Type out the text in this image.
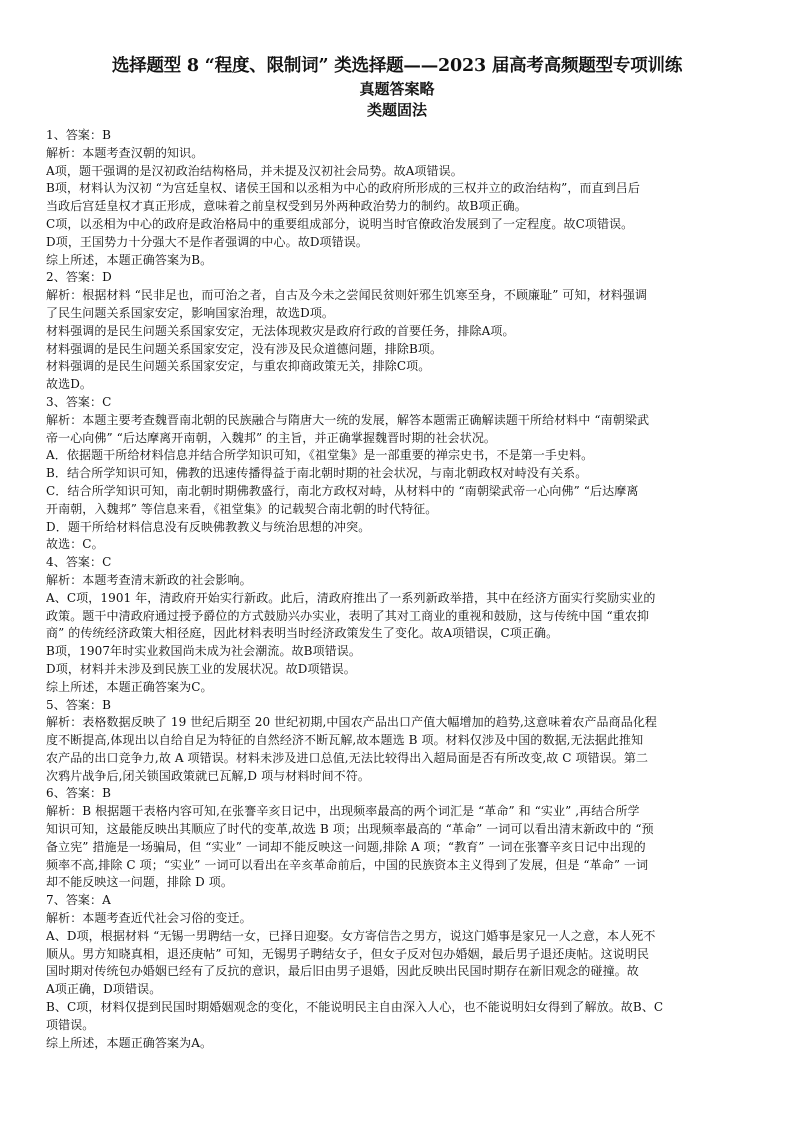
选择题型 8 “程度、限制词” 类选择题——2023 届高考高频题型专项训练
真题答案略
类题固法

1、答案：B

解析：本题考查汉朝的知识。

A项，题干强调的是汉初政治结构格局，并未提及汉初社会局势。故A项错误。

B项，材料认为汉初 “为宫廷皇权、诸侯王国和以丞相为中心的政府所形成的三权并立的政治结构”，而直到吕后

当政后宫廷皇权才真正形成，意味着之前皇权受到另外两种政治势力的制约。故B项正确。

C项，以丞相为中心的政府是政治格局中的重要组成部分，说明当时官僚政治发展到了一定程度。故C项错误。

D项，王国势力十分强大不是作者强调的中心。故D项错误。

综上所述，本题正确答案为B。

2、答案：D

解析：根据材料 “民非足也，而可治之者，自古及今未之尝闻民贫则奸邪生饥寒至身，不顾廉耻” 可知，材料强调

了民生问题关系国家安定，影响国家治理，故选D项。

材料强调的是民生问题关系国家安定，无法体现救灾是政府行政的首要任务，排除A项。

材料强调的是民生问题关系国家安定，没有涉及民众道德问题，排除B项。

材料强调的是民生问题关系国家安定，与重农抑商政策无关，排除C项。

故选D。

3、答案：C

解析：本题主要考查魏晋南北朝的民族融合与隋唐大一统的发展，解答本题需正确解读题干所给材料中 “南朝梁武

帝一心向佛” “后达摩离开南朝，入魏邦” 的主旨，并正确掌握魏晋时期的社会状况。

A．依据题干所给材料信息并结合所学知识可知，《祖堂集》是一部重要的禅宗史书，不是第一手史料。

B．结合所学知识可知，佛教的迅速传播得益于南北朝时期的社会状况，与南北朝政权对峙没有关系。

C．结合所学知识可知，南北朝时期佛教盛行，南北方政权对峙，从材料中的 “南朝梁武帝一心向佛” “后达摩离

开南朝，入魏邦” 等信息来看，《祖堂集》的记载契合南北朝的时代特征。

D．题干所给材料信息没有反映佛教教义与统治思想的冲突。

故选：C。

4、答案：C

解析：本题考查清末新政的社会影响。

A、C项，1901 年，清政府开始实行新政。此后，清政府推出了一系列新政举措，其中在经济方面实行奖励实业的

政策。题干中清政府通过授予爵位的方式鼓励兴办实业，表明了其对工商业的重视和鼓励，这与传统中国 “重农抑

商” 的传统经济政策大相径庭，因此材料表明当时经济政策发生了变化。故A项错误，C项正确。

B项，1907年时实业救国尚未成为社会潮流。故B项错误。

D项，材料并未涉及到民族工业的发展状况。故D项错误。

综上所述，本题正确答案为C。

5、答案：B

解析：表格数据反映了 19 世纪后期至 20 世纪初期,中国农产品出口产值大幅增加的趋势,这意味着农产品商品化程

度不断提高,体现出以自给自足为特征的自然经济不断瓦解,故本题选 B 项。材料仅涉及中国的数据,无法据此推知

农产品的出口竞争力,故 A 项错误。材料未涉及进口总值,无法比较得出入超局面是否有所改变,故 C 项错误。第二

次鸦片战争后,闭关锁国政策就已瓦解,D 项与材料时间不符。

6、答案：B

解析：B 根据题干表格内容可知,在张謇辛亥日记中，出现频率最高的两个词汇是 “革命” 和 “实业” ,再结合所学

知识可知，这最能反映出其顺应了时代的变革,故选 B 项；出现频率最高的 “革命” 一词可以看出清末新政中的 “预

备立宪” 措施是一场骗局，但 “实业” 一词却不能反映这一问题,排除 A 项；“教育” 一词在张謇辛亥日记中出现的

频率不高,排除 C 项；“实业” 一词可以看出在辛亥革命前后，中国的民族资本主义得到了发展，但是 “革命” 一词

却不能反映这一问题，排除 D 项。

7、答案：A

解析：本题考查近代社会习俗的变迁。

A、D项，根据材料 “无锡一男聘结一女，已择日迎娶。女方寄信告之男方，说这门婚事是家兄一人之意，本人死不

顺从。男方知晓真相，退还庚帖” 可知，无锡男子聘结女子，但女子反对包办婚姻，最后男子退还庚帖。这说明民

国时期对传统包办婚姻已经有了反抗的意识，最后旧由男子退婚，因此反映出民国时期存在新旧观念的碰撞。故

A项正确，D项错误。

B、C项，材料仅提到民国时期婚姻观念的变化，不能说明民主自由深入人心，也不能说明妇女得到了解放。故B、C

项错误。

综上所述，本题正确答案为A。
